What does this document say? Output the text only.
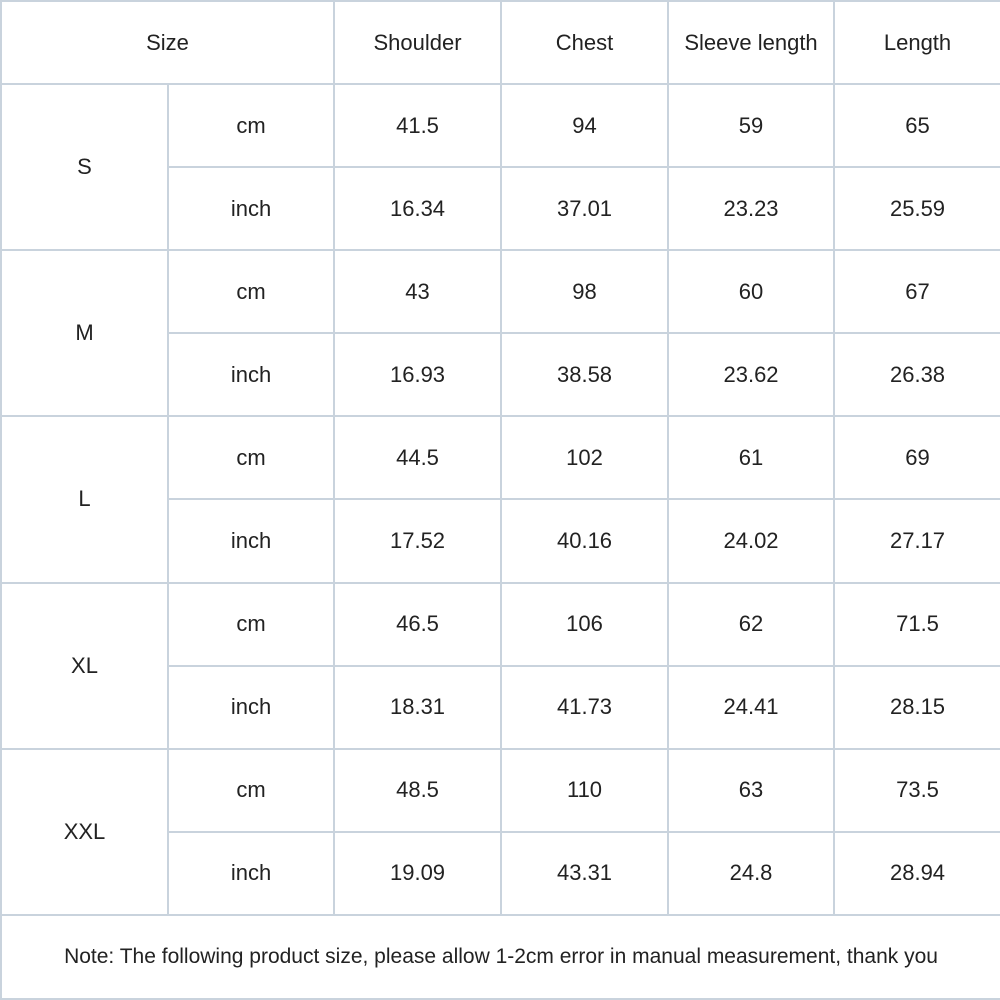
Size		Shoulder	Chest	Sleeve length	Length
S	cm	41.5	94	59	65
	inch	16.34	37.01	23.23	25.59
M	cm	43	98	60	67
	inch	16.93	38.58	23.62	26.38
L	cm	44.5	102	61	69
	inch	17.52	40.16	24.02	27.17
XL	cm	46.5	106	62	71.5
	inch	18.31	41.73	24.41	28.15
XXL	cm	48.5	110	63	73.5
	inch	19.09	43.31	24.8	28.94
Note: The following product size, please allow 1-2cm error in manual measurement, thank you					
